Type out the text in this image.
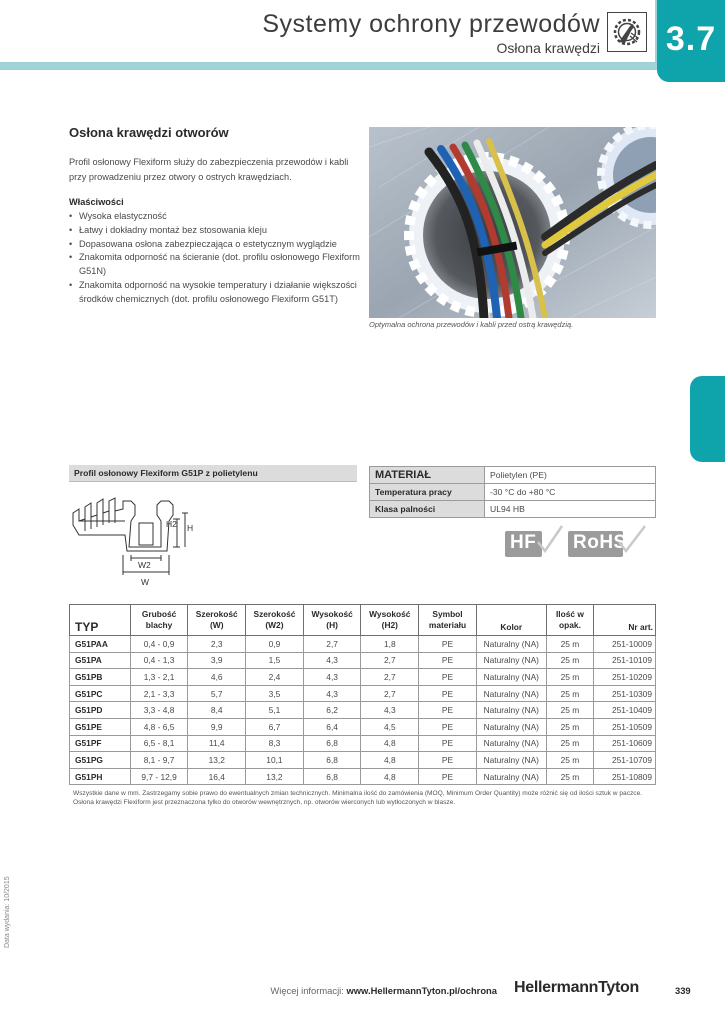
Systemy ochrony przewodów
Osłona krawędzi 3.7
Osłona krawędzi otworów
Profil osłonowy Flexiform służy do zabezpieczenia przewodów i kabli przy prowadzeniu przez otwory o ostrych krawędziach.
Właściwości
• Wysoka elastyczność
• Łatwy i dokładny montaż bez stosowania kleju
• Dopasowana osłona zabezpieczająca o estetycznym wyglądzie
• Znakomita odporność na ścieranie (dot. profilu osłonowego Flexiform G51N)
• Znakomita odporność na wysokie temperatury i działanie większości środków chemicznych (dot. profilu osłonowego Flexiform G51T)
Optymalna ochrona przewodów i kabli przed ostrą krawędzią.
Profil osłonowy Flexiform G51P z polietylenu
H2 H
W2
W
MATERIAŁ	Polietylen (PE)
Temperatura pracy	-30 °C do +80 °C
Klasa palności	UL94 HB
HF RoHS
TYP	Grubość blachy	Szerokość (W)	Szerokość (W2)	Wysokość (H)	Wysokość (H2)	Symbol materiału	Kolor	Ilość w opak.	Nr art.
G51PAA	0,4 - 0,9	2,3	0,9	2,7	1,8	PE	Naturalny (NA)	25 m	251-10009
G51PA	0,4 - 1,3	3,9	1,5	4,3	2,7	PE	Naturalny (NA)	25 m	251-10109
G51PB	1,3 - 2,1	4,6	2,4	4,3	2,7	PE	Naturalny (NA)	25 m	251-10209
G51PC	2,1 - 3,3	5,7	3,5	4,3	2,7	PE	Naturalny (NA)	25 m	251-10309
G51PD	3,3 - 4,8	8,4	5,1	6,2	4,3	PE	Naturalny (NA)	25 m	251-10409
G51PE	4,8 - 6,5	9,9	6,7	6,4	4,5	PE	Naturalny (NA)	25 m	251-10509
G51PF	6,5 - 8,1	11,4	8,3	6,8	4,8	PE	Naturalny (NA)	25 m	251-10609
G51PG	8,1 - 9,7	13,2	10,1	6,8	4,8	PE	Naturalny (NA)	25 m	251-10709
G51PH	9,7 - 12,9	16,4	13,2	6,8	4,8	PE	Naturalny (NA)	25 m	251-10809
Wszystkie dane w mm. Zastrzegamy sobie prawo do ewentualnych zmian technicznych. Minimalna ilość do zamówienia (MOQ, Minimum Order Quantity) może różnić się od ilości sztuk w paczce.
Osłona krawędzi Flexiform jest przeznaczona tylko do otworów wewnętrznych, np. otworów wierconych lub wytłoczonych w blasze.
Data wydania: 10/2015
Więcej informacji: www.HellermannTyton.pl/ochrona HellermannTyton	339
